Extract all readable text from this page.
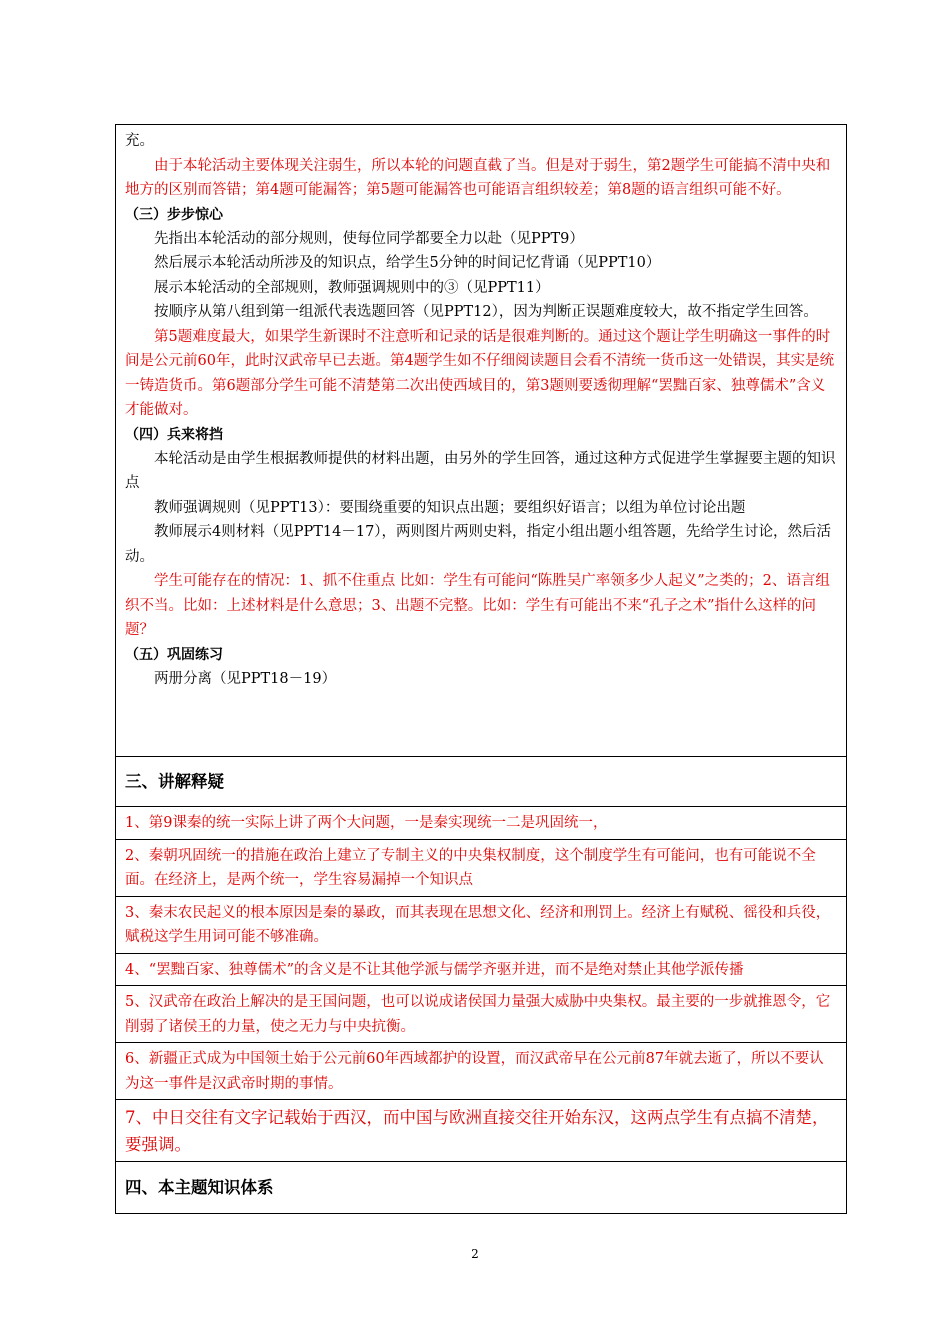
充。

由于本轮活动主要体现关注弱生，所以本轮的问题直截了当。但是对于弱生，第2题学生可能搞不清中央和地方的区别而答错；第4题可能漏答；第5题可能漏答也可能语言组织较差；第8题的语言组织可能不好。

（三）步步惊心

先指出本轮活动的部分规则，使每位同学都要全力以赴（见PPT9）

然后展示本轮活动所涉及的知识点，给学生5分钟的时间记忆背诵（见PPT10）

展示本轮活动的全部规则，教师强调规则中的③（见PPT11）

按顺序从第八组到第一组派代表选题回答（见PPT12），因为判断正误题难度较大，故不指定学生回答。

第5题难度最大，如果学生新课时不注意听和记录的话是很难判断的。通过这个题让学生明确这一事件的时间是公元前60年，此时汉武帝早已去逝。第4题学生如不仔细阅读题目会看不清统一货币这一处错误，其实是统一铸造货币。第6题部分学生可能不清楚第二次出使西域目的，第3题则要透彻理解“罢黜百家、独尊儒术”含义才能做对。

（四）兵来将挡

本轮活动是由学生根据教师提供的材料出题，由另外的学生回答，通过这种方式促进学生掌握要主题的知识点

教师强调规则（见PPT13）：要围绕重要的知识点出题；要组织好语言；以组为单位讨论出题

教师展示4则材料（见PPT14－17），两则图片两则史料，指定小组出题小组答题，先给学生讨论，然后活动。

学生可能存在的情况：1、抓不住重点 比如：学生有可能问“陈胜吴广率领多少人起义”之类的；2、语言组织不当。比如：上述材料是什么意思；3、出题不完整。比如：学生有可能出不来“孔子之术”指什么这样的问题？

（五）巩固练习

两册分离（见PPT18－19）

三、讲解释疑

1、第9课秦的统一实际上讲了两个大问题，一是秦实现统一二是巩固统一，

2、秦朝巩固统一的措施在政治上建立了专制主义的中央集权制度，这个制度学生有可能问，也有可能说不全面。在经济上，是两个统一，学生容易漏掉一个知识点

3、秦末农民起义的根本原因是秦的暴政，而其表现在思想文化、经济和刑罚上。经济上有赋税、徭役和兵役，赋税这学生用词可能不够准确。

4、“罢黜百家、独尊儒术”的含义是不让其他学派与儒学齐驱并进，而不是绝对禁止其他学派传播

5、汉武帝在政治上解决的是王国问题，也可以说成诸侯国力量强大威胁中央集权。最主要的一步就推恩令，它削弱了诸侯王的力量，使之无力与中央抗衡。

6、新疆正式成为中国领土始于公元前60年西域都护的设置，而汉武帝早在公元前87年就去逝了，所以不要认为这一事件是汉武帝时期的事情。

7、中日交往有文字记载始于西汉，而中国与欧洲直接交往开始东汉，这两点学生有点搞不清楚，要强调。

四、本主题知识体系

2
